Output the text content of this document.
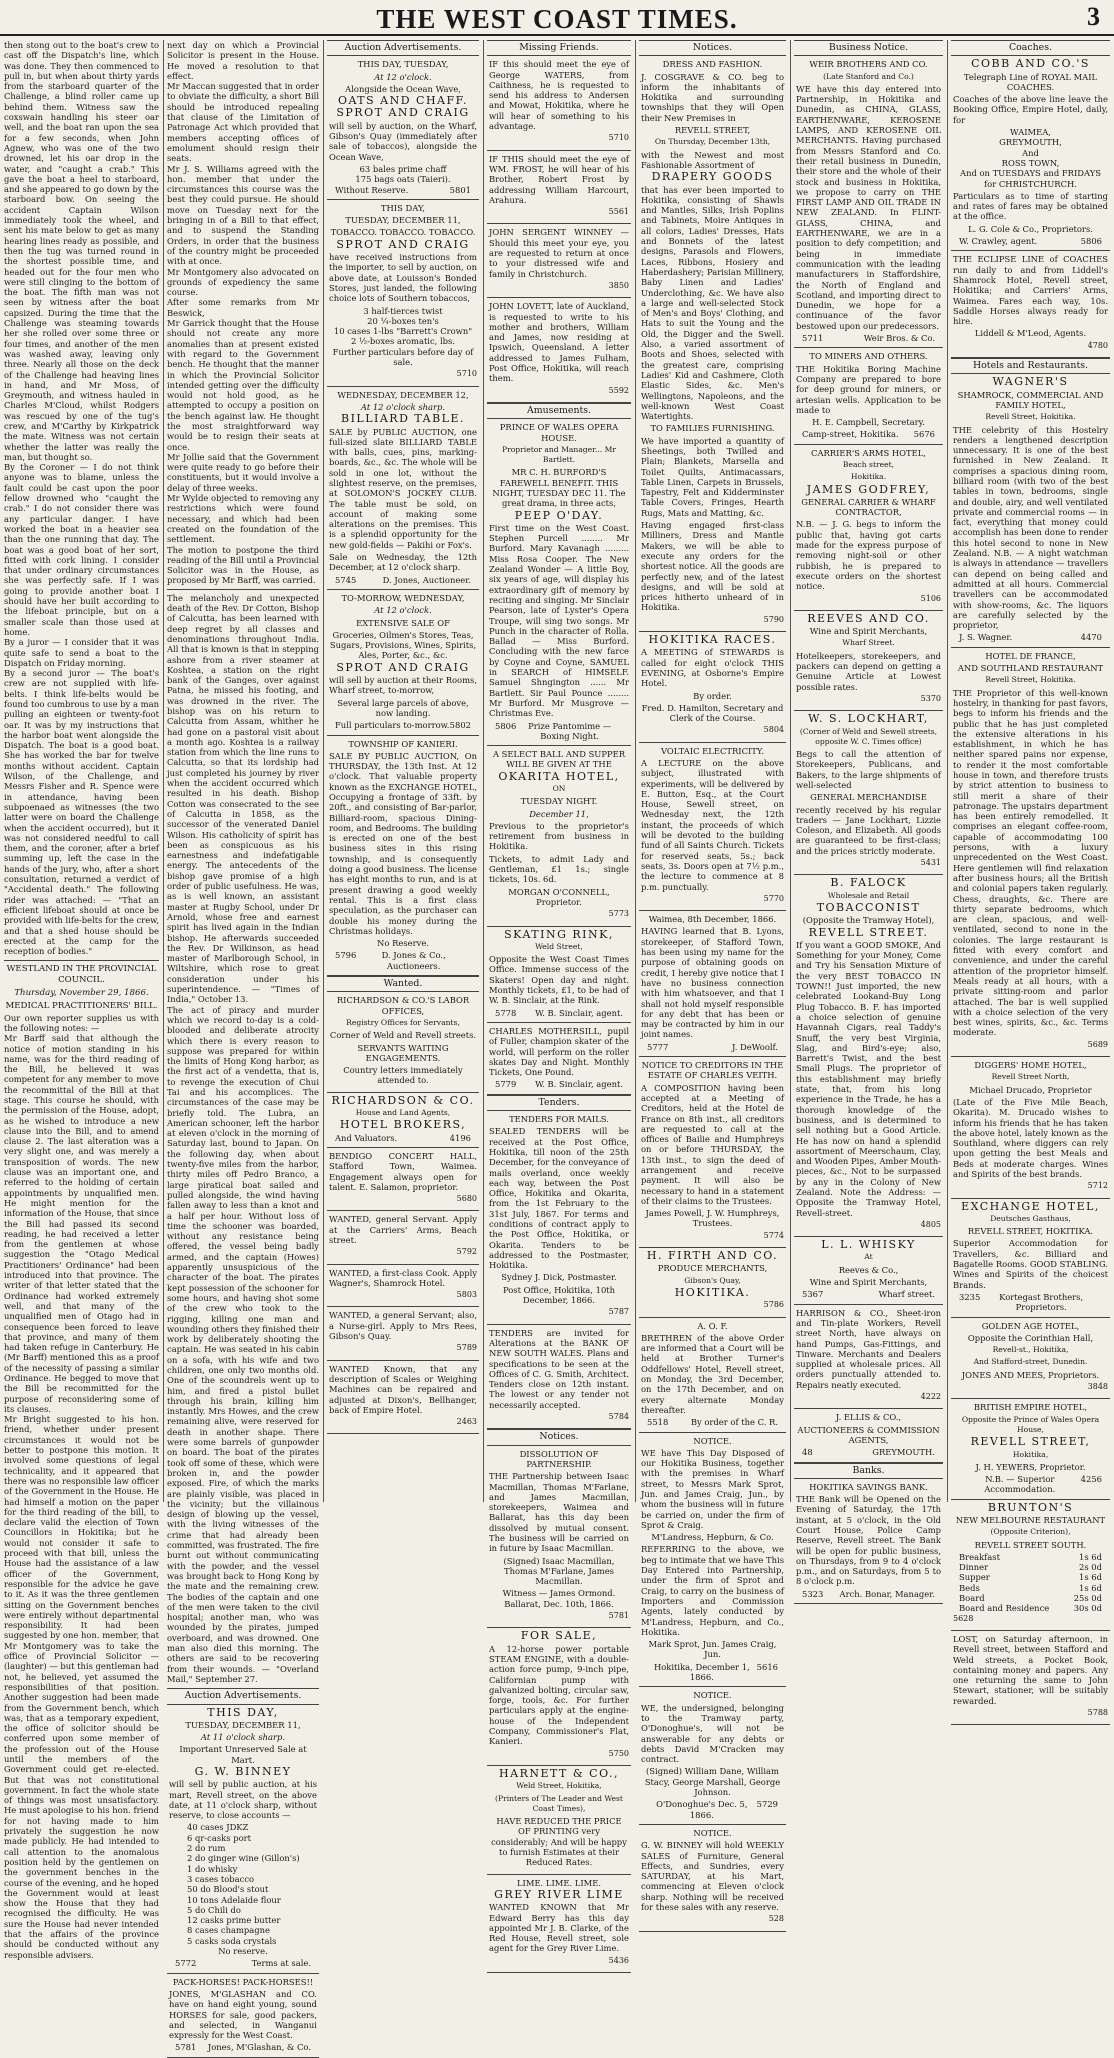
THE WEST COAST TIMES.	3

then stong out to the boat's crew to cast off the Dispatch's line, which was done. They then commenced to pull in, but when about thirty yards from the starboard quarter of the Challenge, a blind roller came up behind them. Witness saw the coxswain handling his steer oar well, and the boat ran upon the sea for a few seconds, when John Agnew, who was one of the two drowned, let his oar drop in the water, and "caught a crab." This gave the boat a heel to starboard, and she appeared to go down by the starboard bow. On seeing the accident Captain Wilson immediately took the wheel, and sent his mate below to get as many hearing lines ready as possible, and then the tug was turned round in the shortest possible time, and headed out for the four men who were still clinging to the bottom of the boat. The fifth man was not seen by witness after the boat capsized. During the time that the Challenge was steaming towards her she rolled over some three or four times, and another of the men was washed away, leaving only three. Nearly all those on the deck of the Challenge had heaving lines in hand, and Mr Moss, of Greymouth, and witness hauled in Charles M'Cloud, whilst Rodgers was rescued by one of the tug's crew, and M'Carthy by Kirkpatrick the mate. Witness was not certain whether the latter was really the man, but thought so.
By the Coroner — I do not think anyone was to blame, unless the fault could be cast upon the poor fellow drowned who "caught the crab." I do not consider there was any particular danger. I have worked the boat in a heavier sea than the one running that day. The boat was a good boat of her sort, fitted with cork lining. I consider that under ordinary circumstances she was perfectly safe. If I was going to provide another boat I should have her built according to the lifeboat principle, but on a smaller scale than those used at home.
By a juror — I consider that it was quite safe to send a boat to the Dispatch on Friday morning.
By a second juror — The boat's crew are not supplied with life-belts. I think life-belts would be found too cumbrous to use by a man pulling an eighteen or twenty-foot oar. It was by my instructions that the harbor boat went alongside the Dispatch. The boat is a good boat. She has worked the bar for twelve months without accident. Captain Wilson, of the Challenge, and Messrs Fisher and R. Spence were in attendance, having been subpoenaed as witnesses (the two latter were on board the Challenge when the accident occurred), but it was not considered needful to call them, and the coroner, after a brief summing up, left the case in the hands of the jury, who, after a short consultation, returned a verdict of "Accidental death." The following rider was attached: — "That an efficient lifeboat should at once be provided with life-belts for the crew, and that a shed house should be erected at the camp for the reception of bodies."

WESTLAND IN THE PROVINCIAL COUNCIL.
Thursday, November 29, 1866.
MEDICAL PRACTITIONERS' BILL.

Our own reporter supplies us with the following notes: —
Mr Barff said that although the notice of motion standing in his name, was for the third reading of the Bill, he believed it was competent for any member to move the recommittal of the Bill at that stage. This course he should, with the permission of the House, adopt, as he wished to introduce a new clause into the Bill, and to amend clause 2. The last alteration was a very slight one, and was merely a transposition of words. The new clause was an important one, and referred to the holding of certain appointments by unqualified men. He might mention for the information of the House, that since the Bill had passed its second reading, he had received a letter from the gentlemen at whose suggestion the "Otago Medical Practitioners' Ordinance" had been introduced into that province. The writer of that letter stated that the Ordinance had worked extremely well, and that many of the unqualified men of Otago had in consequence been forced to leave that province, and many of them had taken refuge in Canterbury. He (Mr Barff) mentioned this as a proof of the necessity of passing a similar Ordinance. He begged to move that the Bill be recommitted for the purpose of reconsidering some of its clauses.
Mr Bright suggested to his hon. friend, whether under present circumstances it would not be better to postpone this motion. It involved some questions of legal technicality, and it appeared that there was no responsible law officer of the Government in the House. He had himself a motion on the paper for the third reading of the bill, to declare valid the election of Town Councillors in Hokitika; but he would not consider it safe to proceed with that bill, unless the House had the assistance of a law officer of the Government, responsible for the advice he gave to it. As it was the three gentlemen sitting on the Government benches were entirely without departmental responsibility. It had been suggested by one hon. member, that Mr Montgomery was to take the office of Provincial Solicitor — (laughter) — but this gentleman had not, he believed, yet assumed the responsibilities of that position. Another suggestion had been made from the Government bench, which was, that as a temporary expedient, the office of solicitor should be conferred upon some member of the profession out of the House until the members of the Government could get re-elected. But that was not constitutional government. In fact the whole state of things was most unsatisfactory. He must apologise to his hon. friend for not having made to him privately the suggestion he now made publicly. He had intended to call attention to the anomalous position held by the gentlemen on the government benches in the course of the evening, and he hoped the Government would at least show the House that they had recognised the difficulty. He was sure the House had never intended that the affairs of the province should be conducted without any responsible advisers.

next day on which a Provincial Solicitor is present in the House. He moved a resolution to that effect.
Mr Maccan suggested that in order to obviate the difficulty, a short Bill should be introduced repealing that clause of the Limitation of Patronage Act which provided that members accepting offices of emolument should resign their seats.
Mr J. S. Williams agreed with the hon. member that under the circumstances this course was the best they could pursue. He should move on Tuesday next for the bringing in of a Bill to that effect, and to suspend the Standing Orders, in order that the business of the country might be proceeded with at once.
Mr Montgomery also advocated on grounds of expediency the same course.
After some remarks from Mr Beswick,
Mr Garrick thought that the House should not create any more anomalies than at present existed with regard to the Government bench. He thought that the manner in which the Provincial Solicitor intended getting over the difficulty would not hold good, as he attempted to occupy a position on the bench against law. He thought the most straightforward way would be to resign their seats at once.
Mr Jollie said that the Government were quite ready to go before their constituents, but it would involve a delay of three weeks.
Mr Wylde objected to removing any restrictions which were found necessary, and which had been created on the foundation of the settlement.
The motion to postpone the third reading of the Bill until a Provincial Solicitor was in the House, as proposed by Mr Barff, was carried.

The melancholy and unexpected death of the Rev. Dr Cotton, Bishop of Calcutta, has been learned with deep regret by all classes and denominations throughout India. All that is known is that in stepping ashore from a river steamer at Koshtea, a station on the right bank of the Ganges, over against Patna, he missed his footing, and was drowned in the river. The bishop was on his return to Calcutta from Assam, whither he had gone on a pastoral visit about a month ago. Koshtea is a railway station from which the line runs to Calcutta, so that its lordship had just completed his journey by river when the accident occurred which resulted in his death. Bishop Cotton was consecrated to the see of Calcutta in 1858, as the successor of the venerated Daniel Wilson. His catholicity of spirit has been as conspicuous as his earnestness and indefatigable energy. The antecedents of the bishop gave promise of a high order of public usefulness. He was, as is well known, an assistant master at Rugby School, under Dr Arnold, whose free and earnest spirit has lived again in the Indian bishop. He afterwards succeeded the Rev. Dr Wilkinson, as head master of Marlborough School, in Wiltshire, which rose to great consideration under his superintendence. — "Times of India," October 13.
The act of piracy and murder which we record to-day is a cold-blooded and deliberate atrocity which there is every reason to suppose was prepared for within the limits of Hong Kong harbor, as the first act of a vendetta, that is, to revenge the execution of Chui Tai and his accomplices. The circumstances of the case may be briefly told. The Lubra, an American schooner, left the harbor at eleven o'clock in the morning of Saturday last, bound to Japan. On the following day, when about twenty-five miles from the harbor, thirty miles off Pedro Branco, a large piratical boat sailed and pulled alongside, the wind having fallen away to less than a knot and a half per hour. Without loss of time the schooner was boarded, without any resistance being offered, the vessel being badly armed, and the captain (Howes) apparently unsuspicious of the character of the boat. The pirates kept possession of the schooner for some hours, and having shot some of the crew who took to the rigging, killing one man and wounding others they finished their work by deliberately shooting the captain. He was seated in his cabin on a sofa, with his wife and two children, one only two months old. One of the scoundrels went up to him, and fired a pistol bullet through his brain, killing him instantly. Mrs Howes, and the crew remaining alive, were reserved for death in another shape. There were some barrels of gunpowder on board. The boat of the pirates took off some of these, which were broken in, and the powder exposed. Fire, of which the marks are plainly visible, was placed in the vicinity; but the villainous design of blowing up the vessel, with the living witnesses of the crime that had already been committed, was frustrated. The fire burnt out without communicating with the powder, and the vessel was brought back to Hong Kong by the mate and the remaining crew. The bodies of the captain and one of the men were taken to the civil hospital; another man, who was wounded by the pirates, jumped overboard, and was drowned. One man also died this morning. The others are said to be recovering from their wounds. — "Overland Mail," September 27.

Auction Advertisements.

THIS DAY,

TUESDAY, DECEMBER 11,

At 11 o'clock sharp.

Important Unreserved Sale at Mart.

G. W. BINNEY

will sell by public auction, at his mart, Revell street, on the above date, at 11 o'clock sharp, without reserve, to close accounts —

40 cases JDKZ
6 qr-casks port
2 do rum
2 do ginger wine (Gillon's)
1 do whisky
3 cases tobacco
50 do Blood's stout
10 tons Adelaide flour
5 do Chili do
12 casks prime butter
8 cases champagne
5 casks soda crystals

No reserve.

5772	Terms at sale.

PACK-HORSES! PACK-HORSES!!

JONES, M'GLASHAN and CO. have on hand eight young, sound HORSES for sale, good packers, and selected, in Wanganui expressly for the West Coast.

5781 Jones, M'Glashan, & Co.
Auction Advertisements.

THIS DAY, TUESDAY,

At 12 o'clock.

Alongside the Ocean Wave,

OATS AND CHAFF.

SPROT AND CRAIG

will sell by auction, on the Wharf, Gibson's Quay (immediately after sale of tobaccos), alongside the Ocean Wave,

63 bales prime chaff
175 bags oats (Taieri).
Without Reserve.	5801

THIS DAY,

TUESDAY, DECEMBER 11,

TOBACCO. TOBACCO. TOBACCO.

SPROT AND CRAIG

have received instructions from the importer, to sell by auction, on above date, at Louisson's Bonded Stores, just landed, the following choice lots of Southern tobaccos,

3 half-tierces twist
20 ¼-boxes ten's
10 cases 1-lbs "Barrett's Crown"
2 ½-boxes aromatic, lbs.

Further particulars before day of sale.

5710

WEDNESDAY, DECEMBER 12,

At 12 o'clock sharp.

BILLIARD TABLE.

SALE by PUBLIC AUCTION, one full-sized slate BILLIARD TABLE with balls, cues, pins, marking-boards, &c., &c. The whole will be sold in one lot, without the slightest reserve, on the premises, at SOLOMON'S JOCKEY CLUB. The table must be sold, on account of making some alterations on the premises. This is a splendid opportunity for the new gold-fields — Pakihi or Fox's.

Sale on Wednesday, the 12th December, at 12 o'clock sharp.

5745	D. Jones, Auctioneer.

TO-MORROW, WEDNESDAY,

At 12 o'clock.

EXTENSIVE SALE OF

Groceries, Oilmen's Stores, Teas, Sugars, Provisions, Wines, Spirits, Ales, Porter, &c., &c.

SPROT AND CRAIG

will sell by auction at their Rooms, Wharf street, to-morrow,

Several large parcels of above, now landing.

Full particulars to-morrow. 5802

TOWNSHIP OF KANIERI.

SALE BY PUBLIC AUCTION, On THURSDAY, the 13th Inst. At 12 o'clock. That valuable property known as the EXCHANGE HOTEL, Occupying a frontage of 33ft. by 20ft., and consisting of Bar-parlor, Billiard-room, spacious Dining-room, and Bedrooms. The building is erected on one of the best business sites in this rising township, and is consequently doing a good business. The license has eight months to run, and is at present drawing a good weekly rental. This is a first class speculation, as the purchaser can double his money during the Christmas holidays.

No Reserve.

5796	D. Jones & Co., Auctioneers.
Wanted.

RICHARDSON & CO.'S LABOR OFFICES,

Registry Offices for Servants,

Corner of Weld and Revell streets.

SERVANTS WAITING ENGAGEMENTS.

Country letters immediately attended to.

RICHARDSON & CO.

House and Land Agents,

HOTEL BROKERS,

And Valuators.	4196

BENDIGO CONCERT HALL, Stafford Town, Waimea. Engagement always open for talent. E. Salamon, proprietor.

5680

WANTED, general Servant. Apply at the Carriers' Arms, Beach street.

5792

WANTED, a first-class Cook. Apply Wagner's, Shamrock Hotel.

5803

WANTED, a general Servant; also, a Nurse-girl. Apply to Mrs Rees, Gibson's Quay.

5789

WANTED Known, that any description of Scales or Weighing Machines can be repaired and adjusted at Dixon's, Bellhanger, back of Empire Hotel.

2463

Missing Friends.

IF this should meet the eye of George WATERS, from Caithness, he is requested to send his address to Andersen and Mowat, Hokitika, where he will hear of something to his advantage.

5710

IF THIS should meet the eye of WM. FROST, he will hear of his Brother, Robert Frost by addressing William Harcourt, Arahura.

5561

JOHN SERGENT WINNEY — Should this meet your eye, you are requested to return at once to your distressed wife and family in Christchurch.

3850

JOHN LOVETT, late of Auckland, is requested to write to his mother and brothers, William and James, now residing at Ipswich, Queensland. A letter addressed to James Fulham, Post Office, Hokitika, will reach them.

5592

Amusements.

PRINCE OF WALES OPERA HOUSE.

Proprietor and Manager... Mr Bartlett.

MR C. H. BURFORD'S FAREWELL BENEFIT. THIS NIGHT, TUESDAY DEC 11. The great drama, in three acts,

PEEP O'DAY.

First time on the West Coast. Stephen Purcell ........ Mr Burford. Mary Kavanagh ......... Miss Rosa Cooper. The New Zealand Wonder — A little Boy, six years of age, will display his extraordinary gift of memory by reciting and singing. Mr Sinclair Pearson, late of Lyster's Opera Troupe, will sing two songs. Mr Punch in the character of Rolla. Ballad — Miss Burford. Concluding with the new farce by Coyne and Coyne, SAMUEL in SEARCH of HIMSELF. Samuel Shngington ...... Mr Bartlett. Sir Paul Pounce ........ Mr Burford. Mr Musgrove — Christmas Eve.

5806	Prize Pantomime — Boxing Night.

A SELECT BALL AND SUPPER WILL BE GIVEN AT THE

OKARITA HOTEL,

ON

TUESDAY NIGHT.

December 11,

Previous to the proprietor's retirement from business in Hokitika.

Tickets, to admit Lady and Gentleman, £1 1s.; single tickets, 10s. 6d.

MORGAN O'CONNELL, Proprietor.

5773

SKATING RINK,

Weld Street,

Opposite the West Coast Times Office. Immense success of the Skaters! Open day and night. Monthly tickets, £1, to be had of W. B. Sinclair, at the Rink.

5778 W. B. Sinclair, agent.

CHARLES MOTHERSILL, pupil of Fuller, champion skater of the world, will perform on the roller skates Day and Night. Monthly Tickets, One Pound.

5779 W. B. Sinclair, agent.
Tenders.

TENDERS FOR MAILS.

SEALED TENDERS will be received at the Post Office, Hokitika, till noon of the 25th December, for the conveyance of mails overland, once weekly each way, between the Post Office, Hokitika and Okarita, from the 1st February to the 31st July, 1867. For terms and conditions of contract apply to the Post Office, Hokitika, or Okarita. Tenders to be addressed to the Postmaster, Hokitika.

Sydney J. Dick, Postmaster.

Post Office, Hokitika, 10th December, 1866.

5787

TENDERS are invited for Alterations at the BANK OF NEW SOUTH WALES. Plans and specifications to be seen at the Offices of C. G. Smith, Architect. Tenders close on 12th instant. The lowest or any tender not necessarily accepted.

5784

Notices.

DISSOLUTION OF PARTNERSHIP.

THE Partnership between Isaac Macmillan, Thomas M'Farlane, and James Macmillan, storekeepers, Waimea and Ballarat, has this day been dissolved by mutual consent. The business will be carried on in future by Isaac Macmillan.

(Signed) Isaac Macmillan, Thomas M'Farlane, James Macmillan.

Witness — James Ormond. Ballarat, Dec. 10th, 1866.

5781

FOR SALE,

A 12-horse power portable STEAM ENGINE, with a double-action force pump, 9-inch pipe, Californian pump with galvanized bolting, circular saw, forge, tools, &c. For further particulars apply at the engine-house of the Independent Company, Commissioner's Flat, Kanieri.

5750

HARNETT & CO.,

Weld Street, Hokitika,

(Printers of The Leader and West Coast Times),

HAVE REDUCED THE PRICE OF PRINTING very considerably; And will be happy to furnish Estimates at their Reduced Rates.

LIME. LIME. LIME.

GREY RIVER LIME

WANTED KNOWN that Mr Edward Berry has this day appointed Mr J. B. Clarke, of the Red House, Revell street, sole agent for the Grey River Lime.

5436

Notices.

DRESS AND FASHION.

J. COSGRAVE & CO. beg to inform the inhabitants of Hokitika and surrounding townships that they will Open their New Premises in

REVELL STREET,

On Thursday, December 13th,

with the Newest and most Fashionable Assortment of

DRAPERY GOODS

that has ever been imported to Hokitika, consisting of Shawls and Mantles, Silks, Irish Poplins and Tabinets, Moire Antiques in all colors, Ladies' Dresses, Hats and Bonnets of the latest designs, Parasols and Flowers, Laces, Ribbons, Hosiery and Haberdashery; Parisian Millinery, Baby Linen and Ladies' Underclothing, &c. We have also a large and well-selected Stock of Men's and Boys' Clothing, and Hats to suit the Young and the Old, the Digger and the Swell. Also, a varied assortment of Boots and Shoes, selected with the greatest care, comprising Ladies' Kid and Cashmere, Cloth Elastic Sides, &c. Men's Wellingtons, Napoleons, and the well-known West Coast Watertights.

TO FAMILIES FURNISHING.

We have imported a quantity of Sheetings, both Twilled and Plain; Blankets, Marsella and Toilet Quilts, Antimacassars, Table Linen, Carpets in Brussels, Tapestry, Felt and Kidderminster Table Covers, Fringes, Hearth Rugs, Mats and Matting, &c.

Having engaged first-class Milliners, Dress and Mantle Makers, we will be able to execute any orders for the shortest notice. All the goods are perfectly new, and of the latest designs, and will be sold at prices hitherto unheard of in Hokitika.

5790

HOKITIKA RACES.

A MEETING of STEWARDS is called for eight o'clock THIS EVENING, at Osborne's Empire Hotel.

By order.

Fred. D. Hamilton, Secretary and Clerk of the Course.

5804

VOLTAIC ELECTRICITY.

A LECTURE on the above subject, illustrated with experiments, will be delivered by E. Button, Esq., at the Court House, Sewell street, on Wednesday next, the 12th instant, the proceeds of which will be devoted to the building fund of all Saints Church. Tickets for reserved seats, 5s.; back seats, 3s. Doors open at 7½ p.m., the lecture to commence at 8 p.m. punctually.

5770

Waimea, 8th December, 1866.

HAVING learned that B. Lyons, storekeeper, of Stafford Town, has been using my name for the purpose of obtaining goods on credit, I hereby give notice that I have no business connection with him whatsoever, and that I shall not hold myself responsible for any debt that has been or may be contracted by him in our joint names.

5777	J. DeWoolf.

NOTICE TO CREDITORS IN THE ESTATE OF CHARLES VEITH.

A COMPOSITION having been accepted at a Meeting of Creditors, held at the Hotel de France on 8th inst., all creditors are requested to call at the offices of Bailie and Humphreys on or before THURSDAY, the 13th inst., to sign the deed of arrangement and receive payment. It will also be necessary to hand in a statement of their claims to the Trustees.

James Powell, J. W. Humphreys, Trustees.

5774

H. FIRTH AND CO.

PRODUCE MERCHANTS,

Gibson's Quay,

HOKITIKA.

5786

A. O. F.

BRETHREN of the above Order are informed that a Court will be held at Brother Turner's Oddfellows' Hotel, Revell street, on Monday, the 3rd December, on the 17th December, and on every alternate Monday thereafter.

5518	By order of the C. R.

NOTICE.

WE have This Day Disposed of our Hokitika Business, together with the premises in Wharf street, to Messrs Mark Sprot, Jun. and James Craig, Jun., by whom the business will in future be carried on, under the firm of Sprot & Craig.

M'Landress, Hepburn, & Co.

REFERRING to the above, we beg to intimate that we have This Day Entered into Partnership, under the firm of Sprot and Craig, to carry on the business of Importers and Commission Agents, lately conducted by M'Landress, Hepburn, and Co., Hokitika.

Mark Sprot, Jun. James Craig, Jun.

Hokitika, December 1, 1866.
5616

NOTICE.

WE, the undersigned, belonging to the Tramway party, O'Donoghue's, will not be answerable for any debts or debts David M'Cracken may contract.

(Signed) William Dane, William Stacy, George Marshall, George Johnson.

O'Donoghue's Dec. 5, 1866.
5729

NOTICE.

G. W. BINNEY will hold WEEKLY SALES of Furniture, General Effects, and Sundries, every SATURDAY, at his Mart, commencing at Eleven o'clock sharp. Nothing will be received for these sales with any reserve.

528

Business Notice.

WEIR BROTHERS AND CO.

(Late Stanford and Co.)

WE have this day entered into Partnership, in Hokitika and Dunedin, as CHINA, GLASS, EARTHENWARE, KEROSENE LAMPS, AND KEROSENE OIL MERCHANTS. Having purchased from Messrs Stanford and Co. their retail business in Dunedin, their store and the whole of their stock and business in Hokitika, we propose to carry on THE FIRST LAMP AND OIL TRADE IN NEW ZEALAND. In FLINT-GLASS, CHINA, and EARTHENWARE, we are in a position to defy competition; and being in immediate communication with the leading manufacturers in Staffordshire, the North of England and Scotland, and importing direct to Dunedin, we hope for a continuance of the favor bestowed upon our predecessors.

5711	Weir Bros. & Co.

TO MINERS AND OTHERS.

THE Hokitika Boring Machine Company are prepared to bore for deep ground for miners, or artesian wells. Application to be made to

H. E. Campbell, Secretary.

Camp-street, Hokitika. 5676

CARRIER'S ARMS HOTEL,

Beach street,

Hokitika.

JAMES GODFREY,

GENERAL CARRIER & WHARF CONTRACTOR,

N.B. — J. G. begs to inform the public that, having got carts made for the express purpose of removing night-soil or other rubbish, he is prepared to execute orders on the shortest notice.

5106

REEVES AND CO.

Wine and Spirit Merchants,

Wharf Street.

Hotelkeepers, storekeepers, and packers can depend on getting a Genuine Article at Lowest possible rates.

5370

W. S. LOCKHART,

(Corner of Weld and Sewell streets, opposite W. C. Times office)

Begs to call the attention of Storekeepers, Publicans, and Bakers, to the large shipments of well-selected

GENERAL MERCHANDISE

recently received by his regular traders — Jane Lockhart, Lizzie Coleson, and Elizabeth. All goods are guaranteed to be first-class; and the prices strictly moderate.

5431

B. FALOCK

Wholesale and Retail

TOBACCONIST

(Opposite the Tramway Hotel),

REVELL STREET.

If you want a GOOD SMOKE, And Something for your Money, Come and Try his Sensation Mixture of the very BEST TOBACCO IN TOWN!! Just imported, the new celebrated Lookand-Buy Long Plug Tobacco. B. F. has imported a choice selection of genuine Havannah Cigars, real Taddy's Snuff, the very best Virginia, Slag, and Bird's-eye; also, Barrett's Twist, and the best Small Plugs. The proprietor of this establishment may briefly state, that, from his long experience in the Trade, he has a thorough knowledge of the business, and is determined to sell nothing but a Good Article. He has now on hand a splendid assortment of Meerschaum, Clay, and Wooden Pipes, Amber Mouth-pieces, &c., Not to be surpassed by any in the Colony of New Zealand. Note the Address: — Opposite the Tramway Hotel, Revell-street.

4805

L. L. WHISKY

At

Reeves & Co.,

Wine and Spirit Merchants,

5367	Wharf street.

HARRISON & CO., Sheet-iron and Tin-plate Workers, Revell street North, have always on hand Pumps, Gas-Fittings, and Tinware. Merchants and Dealers supplied at wholesale prices. All orders punctually attended to. Repairs neatly executed.

4222

J. ELLIS & CO.,

AUCTIONEERS & COMMISSION AGENTS,

48	GREYMOUTH.
Banks.

HOKITIKA SAVINGS BANK.

THE Bank will be Opened on the Evening of Saturday, the 17th instant, at 5 o'clock, in the Old Court House, Police Camp Reserve, Revell street. The Bank will be open for public business, on Thursdays, from 9 to 4 o'clock p.m., and on Saturdays, from 5 to 8 o'clock p.m.

5323 Arch. Bonar, Manager.
Coaches.

COBB AND CO.'S

Telegraph Line of ROYAL MAIL COACHES.

Coaches of the above line leave the Booking Office, Empire Hotel, daily, for

WAIMEA,
GREYMOUTH,
And
ROSS TOWN,

And on TUESDAYS and FRIDAYS for CHRISTCHURCH.

Particulars as to time of starting and rates of fares may be obtained at the office.

L. G. Cole & Co., Proprietors.

W. Crawley, agent.	5806

THE ECLIPSE LINE of COACHES run daily to and from Liddell's Shamrock Hotel, Revell street, Hokitika; and Carriers' Arms, Waimea. Fares each way, 10s. Saddle Horses always ready for hire.

Liddell & M'Leod, Agents.

4780

Hotels and Restaurants.

WAGNER'S

SHAMROCK, COMMERCIAL AND FAMILY HOTEL,

Revell Street, Hokitika.

THE celebrity of this Hostelry renders a lengthened description unnecessary. It is one of the best furnished in New Zealand. It comprises a spacious dining room, billiard room (with two of the best tables in town, bedrooms, single and double, airy, and well ventilated private and commercial rooms — in fact, everything that money could accomplish has been done to render this hotel second to none in New Zealand. N.B. — A night watchman is always in attendance — travellers can depend on being called and admitted at all hours. Commercial travellers can be accommodated with show-rooms, &c. The liquors are carefully selected by the proprietor,

J. S. Wagner.	4470

HOTEL DE FRANCE,

AND SOUTHLAND RESTAURANT

Revell Street, Hokitika.

THE Proprietor of this well-known hostelry, in thanking for past favors, begs to inform his friends and the public that he has just completed the extensive alterations in his establishment, in which he has neither spared pains nor expense, to render it the most comfortable house in town, and therefore trusts by strict attention to business to still merit a share of their patronage. The upstairs department has been entirely remodelled. It comprises an elegant coffee-room, capable of accommodating 100 persons, with a luxury unprecedented on the West Coast. Here gentlemen will find relaxation after business hours; all the British and colonial papers taken regularly. Chess, draughts, &c. There are thirty separate bedrooms, which are clean, spacious, and well-ventilated, second to none in the colonies. The large restaurant is fitted with every comfort and convenience, and under the careful attention of the proprietor himself. Meals ready at all hours, with a private sitting-room and parlor attached. The bar is well supplied with a choice selection of the very best wines, spirits, &c., &c. Terms moderate.

5689

DIGGERS' HOME HOTEL,

Revell Street North,

Michael Drucado, Proprietor

(Late of the Five Mile Beach, Okarita). M. Drucado wishes to inform his friends that he has taken the above hotel, lately known as the Southland, where diggers can rely upon getting the best Meals and Beds at moderate charges. Wines and Spirits of the best brands.

5712

EXCHANGE HOTEL,

Deutsches Gasthaus,

REVELL STREET, HOKITIKA.

Superior Accommodation for Travellers, &c. Billiard and Bagatelle Rooms. GOOD STABLING. Wines and Spirits of the choicest Brands.

3235	Kortegast Brothers, Proprietors.

GOLDEN AGE HOTEL,

Opposite the Corinthian Hall,

Revell-st., Hokitika,

And Stafford-street, Dunedin.

JONES AND MEES, Proprietors.

3848

BRITISH EMPIRE HOTEL,

Opposite the Prince of Wales Opera House,

REVELL STREET,

Hokitika,

J. H. YEWERS, Proprietor.

N.B. — Superior Accommodation.
4256

BRUNTON'S

NEW MELBOURNE RESTAURANT

(Opposite Criterion),

REVELL STREET SOUTH.

Breakfast	1s 6d
Dinner	2s 0d
Supper	1s 6d
Beds	1s 6d
Board	25s 0d
Board and Residence	30s 0d

5628

LOST, on Saturday afternoon, in Revell street, between Stafford and Weld streets, a Pocket Book, containing money and papers. Any one returning the same to John Stewart, stationer, will be suitably rewarded.

5788
